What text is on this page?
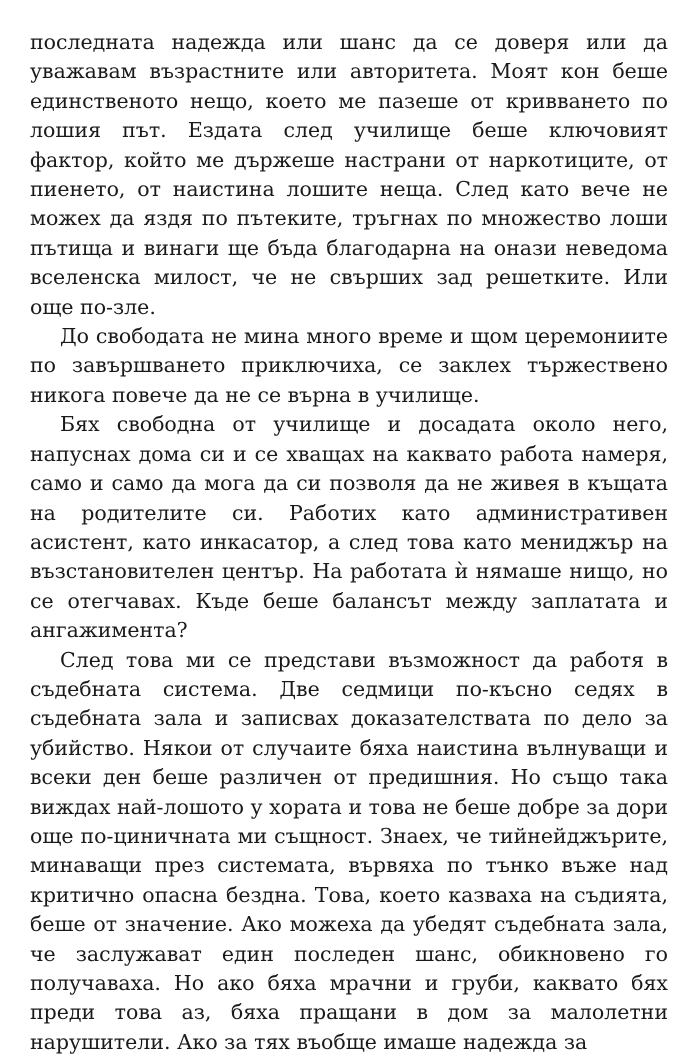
последната надежда или шанс да се доверя или да уважавам възрастните или авторитета. Моят кон беше единственото нещо, което ме пазеше от кривването по лошия път. Ездата след училище беше ключовият фактор, който ме държеше настрани от наркотиците, от пиенето, от наистина лошите неща. След като вече не можех да яздя по пътеките, тръгнах по множество лоши пътища и винаги ще бъда благодарна на онази неведома вселенска милост, че не свърших зад решетките. Или още по-зле.

До свободата не мина много време и щом церемониите по завършването приключиха, се заклех тържествено никога повече да не се върна в училище.

Бях свободна от училище и досадата около него, напуснах дома си и се хващах на каквато работа намеря, само и само да мога да си позволя да не живея в къщата на родителите си. Работих като административен асистент, като инкасатор, а след това като мениджър на възстановителен център. На работата ѝ нямаше нищо, но се отегчавах. Къде беше балансът между заплатата и ангажимента?

След това ми се представи възможност да работя в съдебната система. Две седмици по-късно седях в съдебната зала и записвах доказателствата по дело за убийство. Някои от случаите бяха наистина вълнуващи и всеки ден беше различен от предишния. Но също така виждах най-лошото у хората и това не беше добре за дори още по-циничната ми същност. Знаех, че тийнейджърите, минаващи през системата, вървяха по тънко въже над критично опасна бездна. Това, което казваха на съдията, беше от значение. Ако можеха да убедят съдебната зала, че заслужават един последен шанс, обикновено го получаваха. Но ако бяха мрачни и груби, каквато бях преди това аз, бяха пращани в дом за малолетни нарушители. Ако за тях въобще имаше надежда за
